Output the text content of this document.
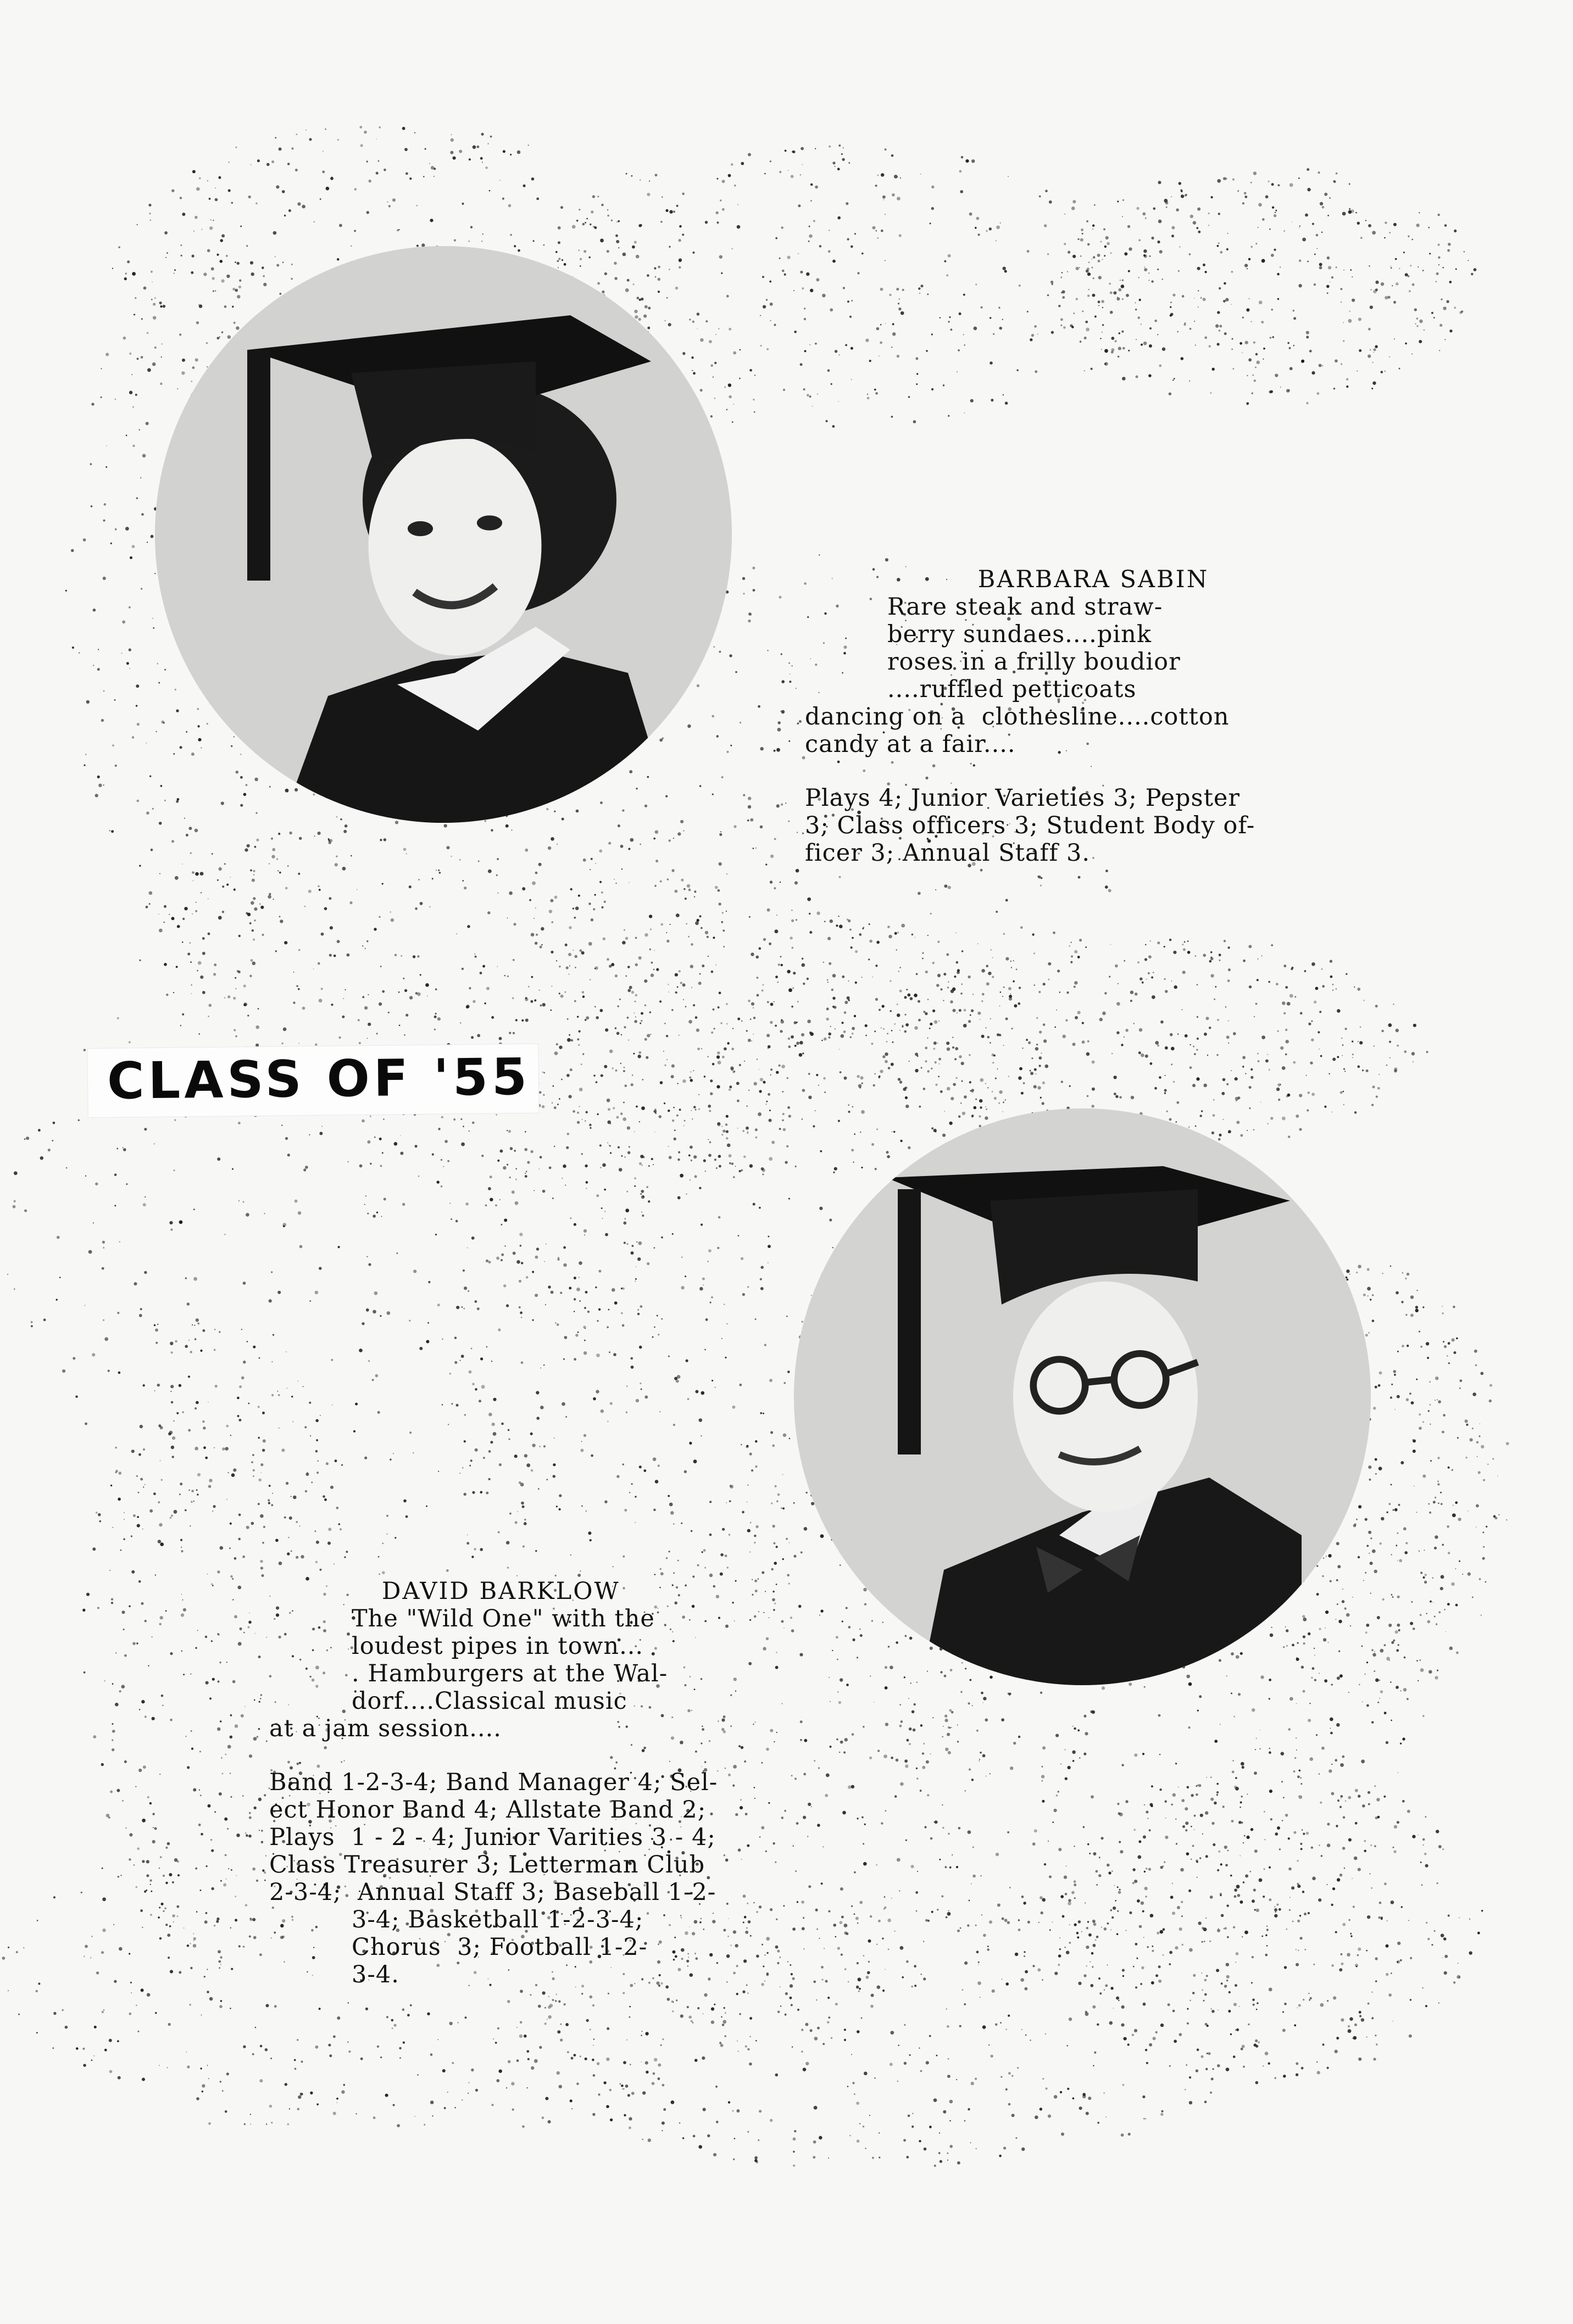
CLASS OF '55
BARBARA SABIN
Rare steak and straw-
berry sundaes....pink
roses in a frilly boudior
....ruffled petticoats
dancing on a  clothesline....cotton
candy at a fair....
Plays 4; Junior Varieties 3; Pepster
3; Class officers 3; Student Body of-
ficer 3; Annual Staff 3.
DAVID BARKLOW
The "Wild One" with the
loudest pipes in town...
. Hamburgers at the Wal-
dorf....Classical music
at a jam session....
Band 1-2-3-4; Band Manager 4; Sel-
ect Honor Band 4; Allstate Band 2;
Plays  1 - 2 - 4; Junior Varities 3 - 4;
Class Treasurer 3; Letterman Club
2-3-4;  Annual Staff 3; Baseball 1-2-
3-4; Basketball 1-2-3-4;
Chorus  3; Football 1-2-
3-4.
